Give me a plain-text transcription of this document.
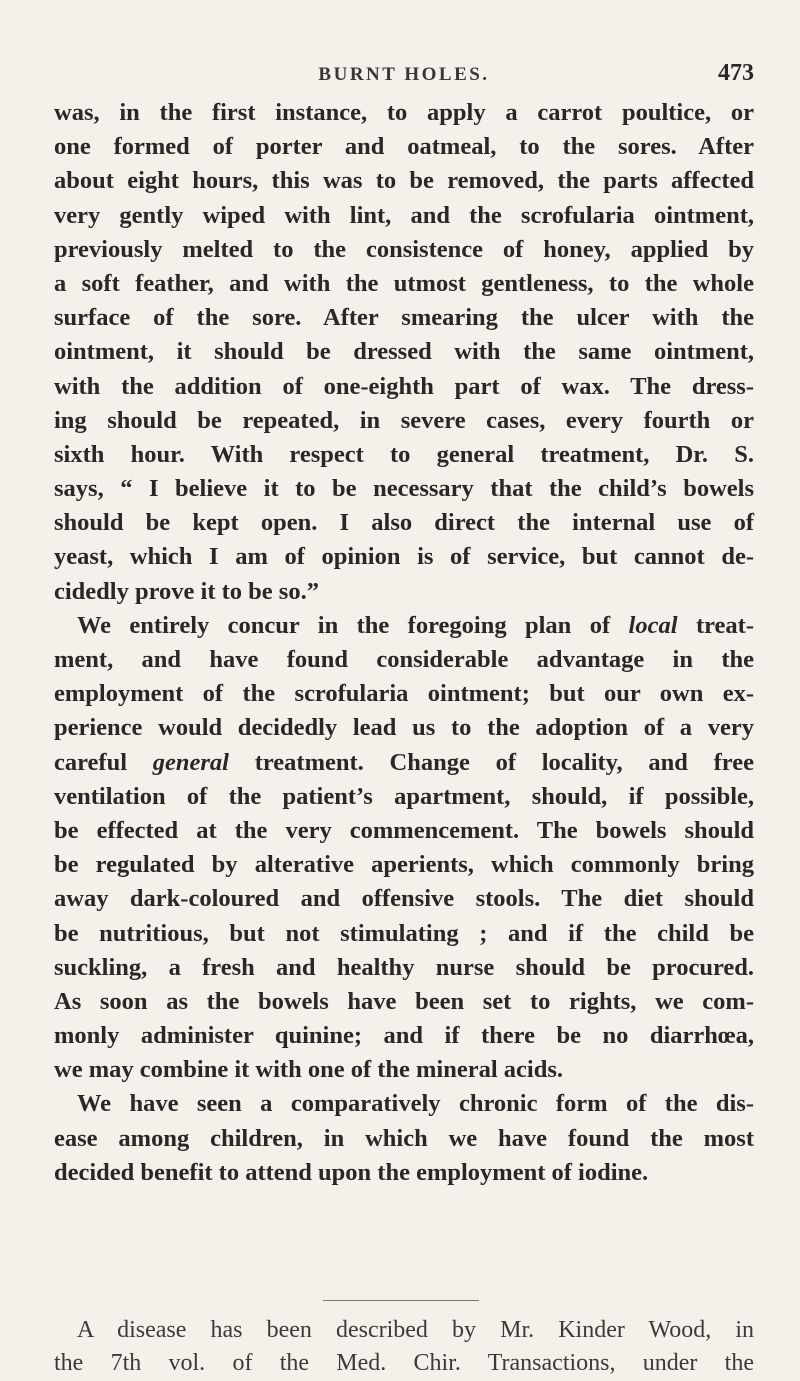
BURNT HOLES.	473
was, in the first instance, to apply a carrot poultice, or
one formed of porter and oatmeal, to the sores. After
about eight hours, this was to be removed, the parts affected
very gently wiped with lint, and the scrofularia ointment,
previously melted to the consistence of honey, applied by
a soft feather, and with the utmost gentleness, to the whole
surface of the sore. After smearing the ulcer with the
ointment, it should be dressed with the same ointment,
with the addition of one-eighth part of wax. The dress-
ing should be repeated, in severe cases, every fourth or
sixth hour. With respect to general treatment, Dr. S.
says, “ I believe it to be necessary that the child’s bowels
should be kept open. I also direct the internal use of
yeast, which I am of opinion is of service, but cannot de-
cidedly prove it to be so.”
We entirely concur in the foregoing plan of local treat-
ment, and have found considerable advantage in the
employment of the scrofularia ointment; but our own ex-
perience would decidedly lead us to the adoption of a very
careful general treatment. Change of locality, and free
ventilation of the patient’s apartment, should, if possible,
be effected at the very commencement. The bowels should
be regulated by alterative aperients, which commonly bring
away dark-coloured and offensive stools. The diet should
be nutritious, but not stimulating ; and if the child be
suckling, a fresh and healthy nurse should be procured.
As soon as the bowels have been set to rights, we com-
monly administer quinine; and if there be no diarrhœa,
we may combine it with one of the mineral acids.
We have seen a comparatively chronic form of the dis-
ease among children, in which we have found the most
decided benefit to attend upon the employment of iodine.
A disease has been described by Mr. Kinder Wood, in
the 7th vol. of the Med. Chir. Transactions, under the
